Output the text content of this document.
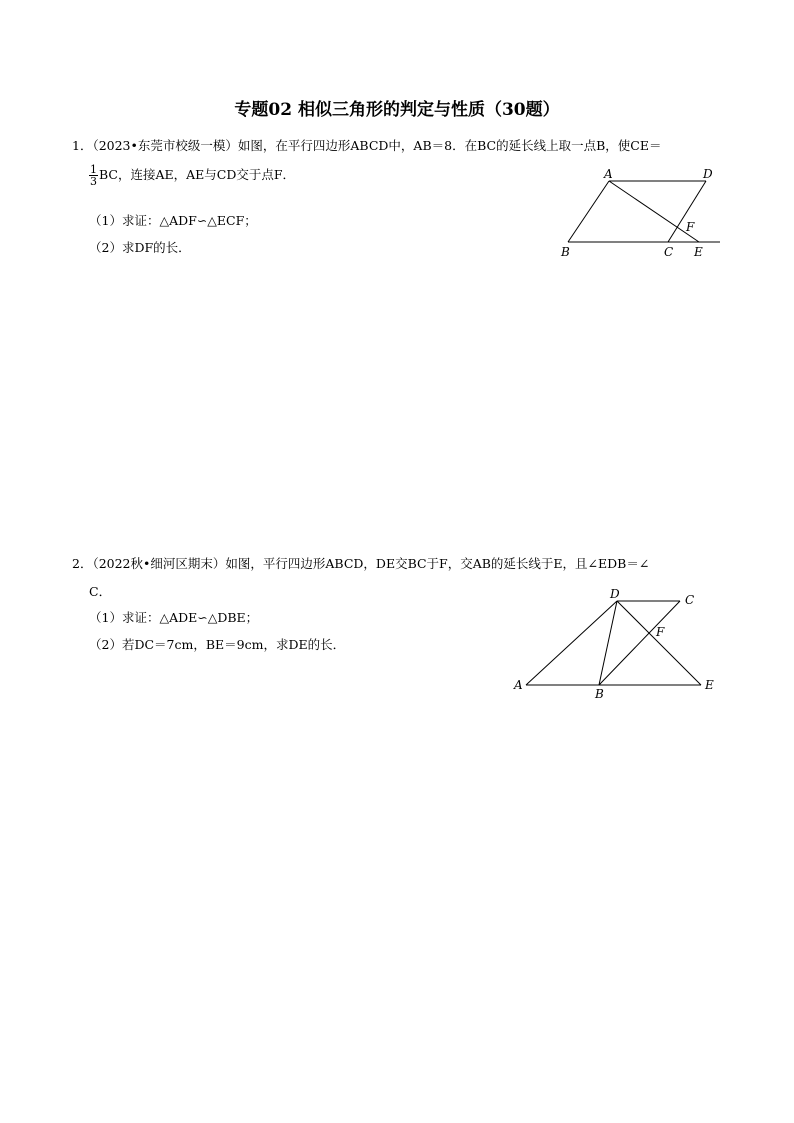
专题02 相似三角形的判定与性质（30题）
1．（2023•东莞市校级一模）如图，在平行四边形ABCD中，AB＝8．在BC的延长线上取一点B，使CE＝
$\frac{1}{3}$ BC，连接AE，AE与CD交于点F．
（1）求证：△ADF∽△ECF；
（2）求DF的长．
A	D
F
B	C E
2．（2022秋•细河区期末）如图，平行四边形ABCD，DE交BC于F，交AB的延长线于E，且∠EDB＝∠
C．
（1）求证：△ADE∽△DBE；
（2）若DC＝7cm，BE＝9cm，求DE的长．
D	C
F
A
B
E
